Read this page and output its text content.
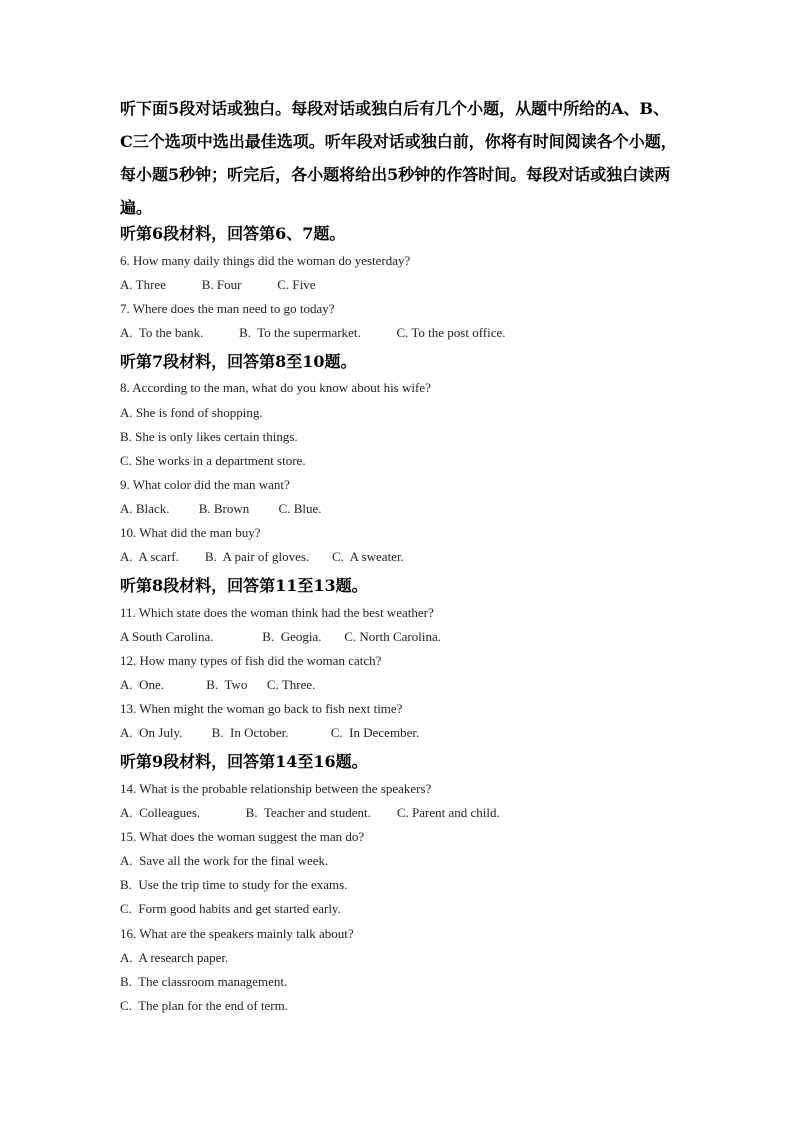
听下面5段对话或独白。每段对话或独白后有几个小题，从题中所给的A、B、C三个选项中选出最佳选项。听年段对话或独白前，你将有时间阅读各个小题，每小题5秒钟；听完后，各小题将给出5秒钟的作答时间。每段对话或独白读两遍。

听第6段材料，回答第6、7题。

6. How many daily things did the woman do yesterday?

A. Three           B. Four           C. Five

7. Where does the man need to go today?

A.  To the bank.           B.  To the supermarket.           C. To the post office.

听第7段材料，回答第8至10题。

8. According to the man, what do you know about his wife?

A. She is fond of shopping.

B. She is only likes certain things.

C. She works in a department store.

9. What color did the man want?

A. Black.         B. Brown         C. Blue.

10. What did the man buy?

A.  A scarf.        B.  A pair of gloves.       C.  A sweater.

听第8段材料，回答第11至13题。

11. Which state does the woman think had the best weather?

A South Carolina.               B.  Geogia.       C. North Carolina.

12. How many types of fish did the woman catch?

A.  One.             B.  Two      C. Three.

13. When might the woman go back to fish next time?

A.  On July.         B.  In October.             C.  In December.

听第9段材料，回答第14至16题。

14. What is the probable relationship between the speakers?

A.  Colleagues.              B.  Teacher and student.        C. Parent and child.

15. What does the woman suggest the man do?

A.  Save all the work for the final week.

B.  Use the trip time to study for the exams.

C.  Form good habits and get started early.

16. What are the speakers mainly talk about?

A.  A research paper.

B.  The classroom management.

C.  The plan for the end of term.
